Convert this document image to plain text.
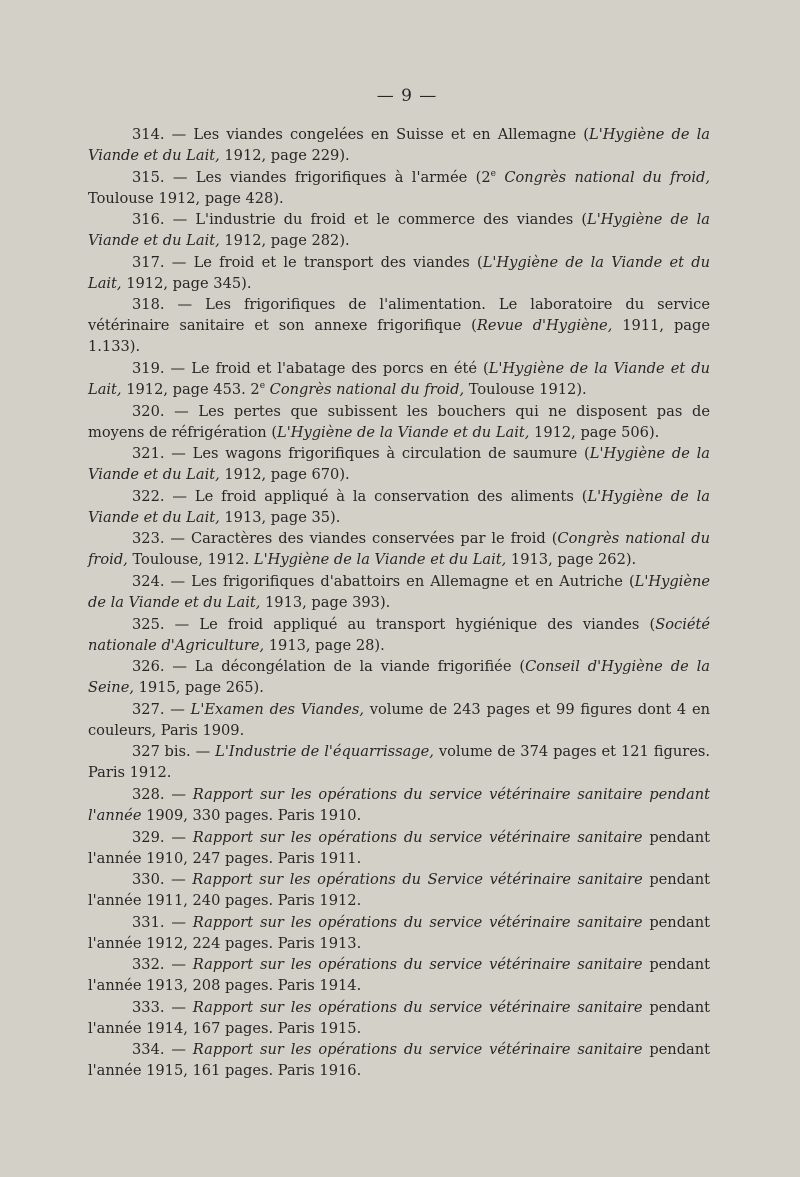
— 9 —

314. — Les viandes congelées en Suisse et en Allemagne (L'Hygiène de la Viande et du Lait, 1912, page 229).

315. — Les viandes frigorifiques à l'armée (2e Congrès national du froid, Toulouse 1912, page 428).

316. — L'industrie du froid et le commerce des viandes (L'Hygiène de la Viande et du Lait, 1912, page 282).

317. — Le froid et le transport des viandes (L'Hygiène de la Viande et du Lait, 1912, page 345).

318. — Les frigorifiques de l'alimentation. Le laboratoire du service vétérinaire sanitaire et son annexe frigorifique (Revue d'Hygiène, 1911, page 1.133).

319. — Le froid et l'abatage des porcs en été (L'Hygiène de la Viande et du Lait, 1912, page 453. 2e Congrès national du froid, Toulouse 1912).

320. — Les pertes que subissent les bouchers qui ne disposent pas de moyens de réfrigération (L'Hygiène de la Viande et du Lait, 1912, page 506).

321. — Les wagons frigorifiques à circulation de saumure (L'Hygiène de la Viande et du Lait, 1912, page 670).

322. — Le froid appliqué à la conservation des aliments (L'Hygiène de la Viande et du Lait, 1913, page 35).

323. — Caractères des viandes conservées par le froid (Congrès national du froid, Toulouse, 1912. L'Hygiène de la Viande et du Lait, 1913, page 262).

324. — Les frigorifiques d'abattoirs en Allemagne et en Autriche (L'Hygiène de la Viande et du Lait, 1913, page 393).

325. — Le froid appliqué au transport hygiénique des viandes (Société nationale d'Agriculture, 1913, page 28).

326. — La décongélation de la viande frigorifiée (Conseil d'Hygiène de la Seine, 1915, page 265).

327. — L'Examen des Viandes, volume de 243 pages et 99 figures dont 4 en couleurs, Paris 1909.

327 bis. — L'Industrie de l'équarrissage, volume de 374 pages et 121 figures. Paris 1912.

328. — Rapport sur les opérations du service vétérinaire sanitaire pendant l'année 1909, 330 pages. Paris 1910.

329. — Rapport sur les opérations du service vétérinaire sanitaire pendant l'année 1910, 247 pages. Paris 1911.

330. — Rapport sur les opérations du Service vétérinaire sanitaire pendant l'année 1911, 240 pages. Paris 1912.

331. — Rapport sur les opérations du service vétérinaire sanitaire pendant l'année 1912, 224 pages. Paris 1913.

332. — Rapport sur les opérations du service vétérinaire sanitaire pendant l'année 1913, 208 pages. Paris 1914.

333. — Rapport sur les opérations du service vétérinaire sanitaire pendant l'année 1914, 167 pages. Paris 1915.

334. — Rapport sur les opérations du service vétérinaire sanitaire pendant l'année 1915, 161 pages. Paris 1916.
